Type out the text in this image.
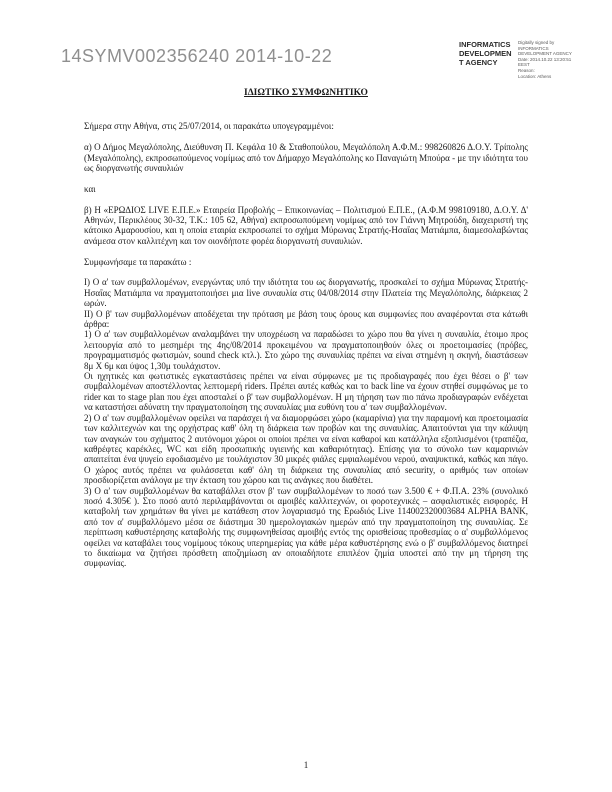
14SYMV002356240 2014-10-22
INFORMATICS DEVELOPMENT AGENCY
Digitally signed by
INFORMATICS
DEVELOPMENT AGENCY
Date: 2014.10.22 13:20:51
EEST
Reason:
Location: Athens
ΙΔΙΩΤΙΚΟ ΣΥΜΦΩΝΗΤΙΚΟ

Σήμερα στην Αθήνα, στις 25/07/2014, οι παρακάτω υπογεγραμμένοι:

α) Ο Δήμος Μεγαλόπολης, Διεύθυνση Π. Κεφάλα 10 & Σταθοπούλου, Μεγαλόπολη Α.Φ.Μ.: 998260826 Δ.Ο.Υ. Τρίπολης (Μεγαλόπολης), εκπροσωπούμενος νομίμως από τον Δήμαρχο Μεγαλόπολης κο Παναγιώτη Μπούρα - με την ιδιότητα του ως διοργανωτής συναυλιών

και

β) Η «ΕΡΩΔΙΟΣ LIVE Ε.Π.Ε.» Εταιρεία Προβολής – Επικοινωνίας – Πολιτισμού Ε.Π.Ε., (Α.Φ.Μ 998109180, Δ.Ο.Υ. Δ' Αθηνών, Περικλέους 30-32, Τ.Κ.: 105 62, Αθήνα) εκπροσωπούμενη νομίμως από τον Γιάννη Μητρούδη, διαχειριστή της κάτοικο Αμαρουσίου, και η οποία εταιρία εκπροσωπεί το σχήμα Μύρωνας Στρατής-Ησαΐας Ματιάμπα, διαμεσολαβώντας ανάμεσα στον καλλιτέχνη και τον οιονδήποτε φορέα διοργανωτή συναυλιών.

Συμφωνήσαμε τα παρακάτω :

Ι) Ο α' των συμβαλλομένων, ενεργώντας υπό την ιδιότητα του ως διοργανωτής, προσκαλεί το σχήμα Μύρωνας Στρατής-Ησαΐας Ματιάμπα να πραγματοποιήσει μια live συναυλία στις 04/08/2014 στην Πλατεία της Μεγαλόπολης, διάρκειας 2 ωρών.

ΙΙ) Ο β' των συμβαλλομένων αποδέχεται την πρόταση με βάση τους όρους και συμφωνίες που αναφέρονται στα κάτωθι άρθρα:

1) Ο α' των συμβαλλομένων αναλαμβάνει την υποχρέωση να παραδώσει το χώρο που θα γίνει η συναυλία, έτοιμο προς λειτουργία από το μεσημέρι της 4ης/08/2014 προκειμένου να πραγματοποιηθούν όλες οι προετοιμασίες (πρόβες, προγραμματισμός φωτισμών, sound check κτλ.). Στο χώρο της συναυλίας πρέπει να είναι στημένη η σκηνή, διαστάσεων 8μ Χ 6μ και ύψος 1,30μ τουλάχιστον.

Οι ηχητικές και φωτιστικές εγκαταστάσεις πρέπει να είναι σύμφωνες με τις προδιαγραφές που έχει θέσει ο β' των συμβαλλομένων αποστέλλοντας λεπτομερή riders. Πρέπει αυτές καθώς και το back line να έχουν στηθεί συμφώνως με το rider και το stage plan που έχει αποσταλεί ο β' των συμβαλλομένων. Η μη τήρηση των πιο πάνω προδιαγραφών ενδέχεται να καταστήσει αδύνατη την πραγματοποίηση της συναυλίας μια ευθύνη του α' των συμβαλλομένων.

2) Ο α' των συμβαλλομένων οφείλει να παράσχει ή να διαμορφώσει χώρο (καμαρίνια) για την παραμονή και προετοιμασία των καλλιτεχνών και της ορχήστρας καθ' όλη τη διάρκεια των προβών και της συναυλίας. Απαιτούνται για την κάλυψη των αναγκών του σχήματος 2 αυτόνομοι χώροι οι οποίοι πρέπει να είναι καθαροί και κατάλληλα εξοπλισμένοι (τραπέζια, καθρέφτες καρέκλες, WC και είδη προσωπικής υγιεινής και καθαριότητας). Επίσης για το σύνολο των καμαρινιών απαιτείται ένα ψυγείο εφοδιασμένο με τουλάχιστον 30 μικρές φιάλες εμφιαλωμένου νερού, αναψυκτικά, καθώς και πάγο. Ο χώρος αυτός πρέπει να φυλάσσεται καθ' όλη τη διάρκεια της συναυλίας από security, ο αριθμός των οποίων προσδιορίζεται ανάλογα με την έκταση του χώρου και τις ανάγκες που διαθέτει.

3) Ο α' των συμβαλλομένων θα καταβάλλει στον β' των συμβαλλομένων το ποσό των 3.500 € + Φ.Π.Α. 23% (συνολικό ποσό 4.305€ ). Στο ποσό αυτό περιλαμβάνονται οι αμοιβές καλλιτεχνών, οι φοροτεχνικές – ασφαλιστικές εισφορές. Η καταβολή των χρημάτων θα γίνει με κατάθεση στον λογαριασμό της Ερωδιός Live 114002320003684 ALPHA BANK, από τον α' συμβαλλόμενο μέσα σε διάστημα 30 ημερολογιακών ημερών από την πραγματοποίηση της συναυλίας. Σε περίπτωση καθυστέρησης καταβολής της συμφωνηθείσας αμοιβής εντός της ορισθείσας προθεσμίας ο α' συμβαλλόμενος οφείλει να καταβάλει τους νομίμους τόκους υπερημερίας για κάθε μέρα καθυστέρησης ενώ ο β' συμβαλλόμενος διατηρεί το δικαίωμα να ζητήσει πρόσθετη αποζημίωση αν οποιαδήποτε επιπλέον ζημία υποστεί από την μη τήρηση της συμφωνίας.

1
